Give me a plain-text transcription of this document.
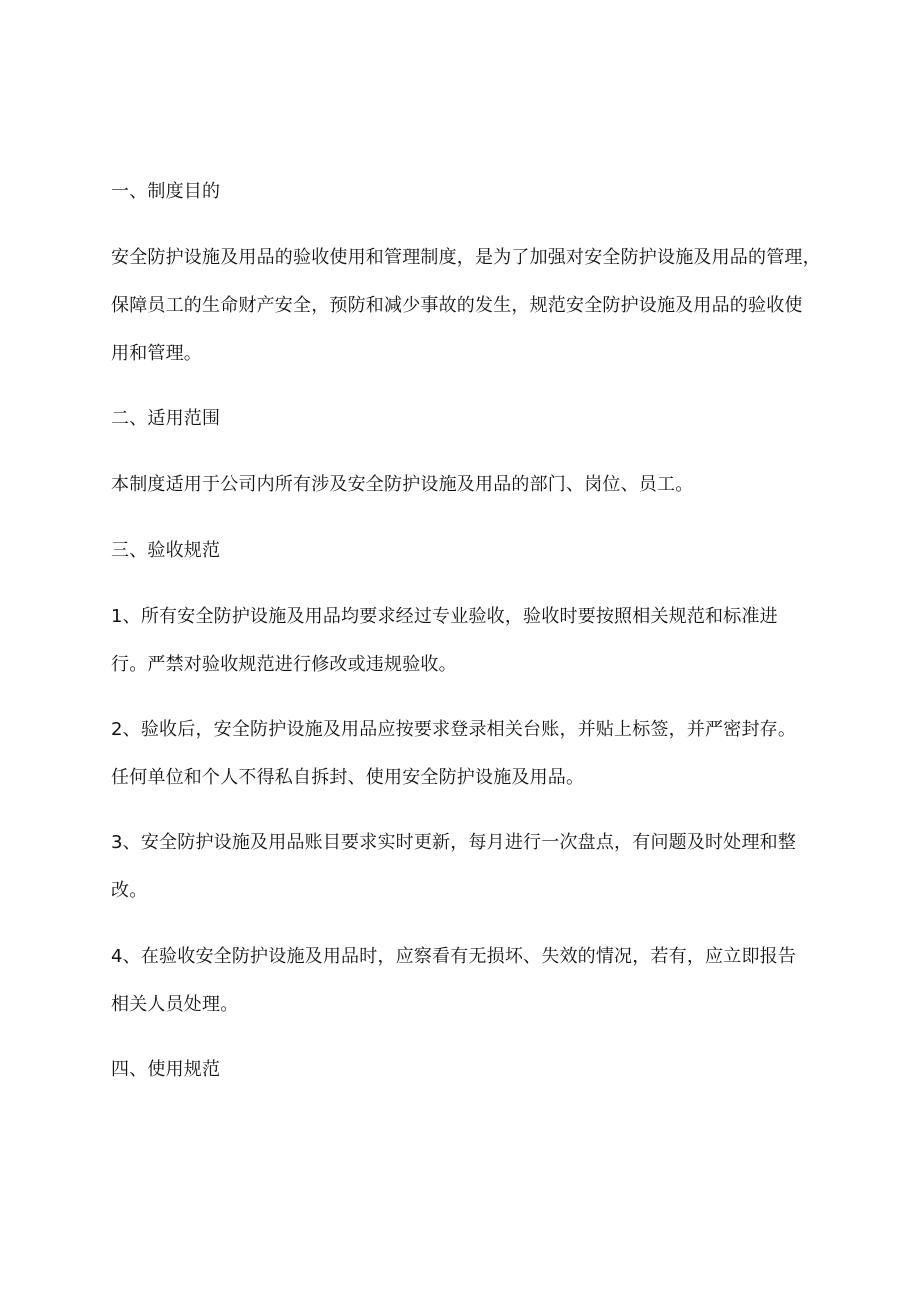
一、制度目的

安全防护设施及用品的验收使用和管理制度，是为了加强对安全防护设施及用品的管理，

保障员工的生命财产安全，预防和减少事故的发生，规范安全防护设施及用品的验收使

用和管理。

二、适用范围

本制度适用于公司内所有涉及安全防护设施及用品的部门、岗位、员工。

三、验收规范

1、所有安全防护设施及用品均要求经过专业验收，验收时要按照相关规范和标准进

行。严禁对验收规范进行修改或违规验收。

2、验收后，安全防护设施及用品应按要求登录相关台账，并贴上标签，并严密封存。

任何单位和个人不得私自拆封、使用安全防护设施及用品。

3、安全防护设施及用品账目要求实时更新，每月进行一次盘点，有问题及时处理和整

改。

4、在验收安全防护设施及用品时，应察看有无损坏、失效的情况，若有，应立即报告

相关人员处理。

四、使用规范
